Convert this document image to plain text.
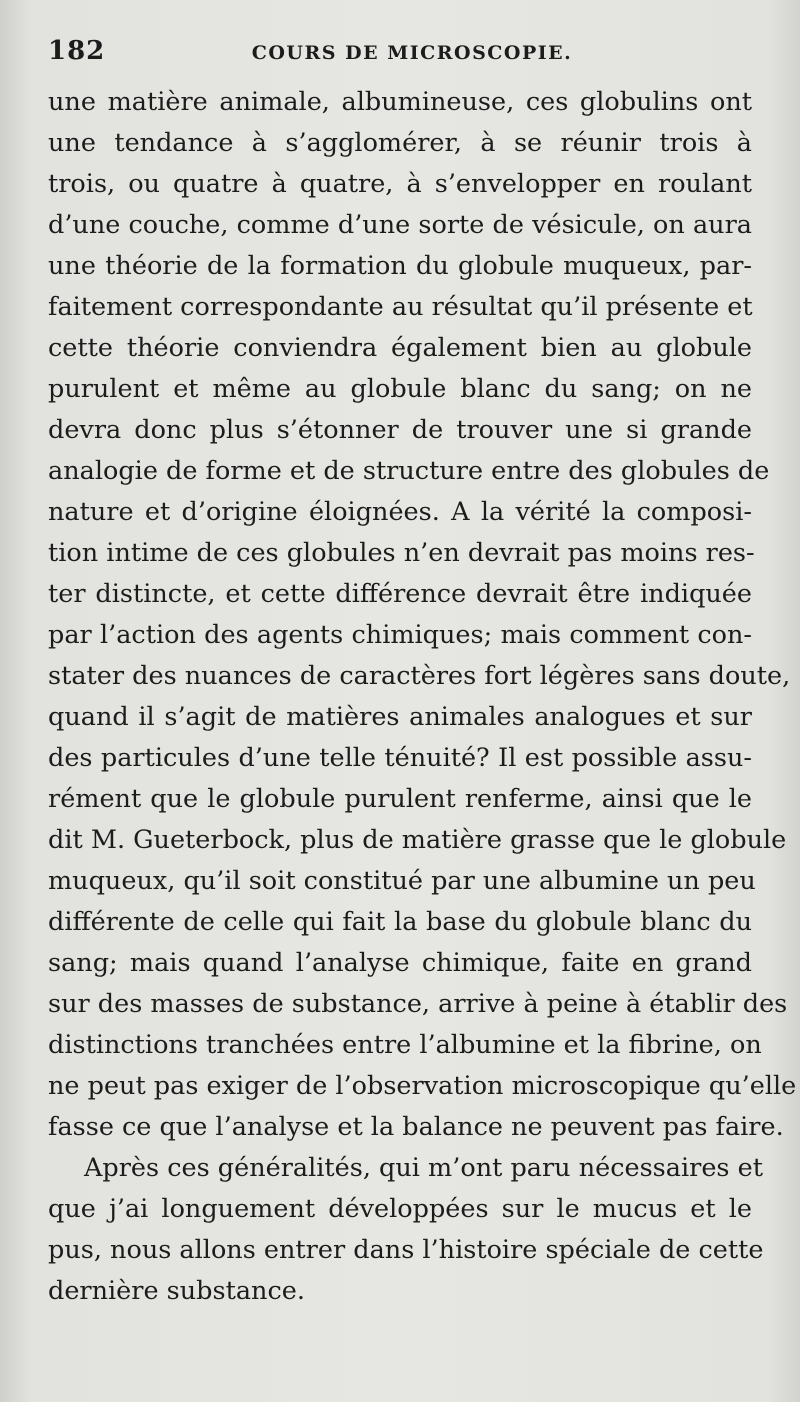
182	COURS DE MICROSCOPIE.
une matière animale, albumineuse, ces globulins ont
une tendance à s’agglomérer, à se réunir trois à
trois, ou quatre à quatre, à s’envelopper en roulant
d’une couche, comme d’une sorte de vésicule, on aura
une théorie de la formation du globule muqueux, par-
faitement correspondante au résultat qu’il présente et
cette théorie conviendra également bien au globule
purulent et même au globule blanc du sang; on ne
devra donc plus s’étonner de trouver une si grande
analogie de forme et de structure entre des globules de
nature et d’origine éloignées. A la vérité la composi-
tion intime de ces globules n’en devrait pas moins res-
ter distincte, et cette différence devrait être indiquée
par l’action des agents chimiques; mais comment con-
stater des nuances de caractères fort légères sans doute,
quand il s’agit de matières animales analogues et sur
des particules d’une telle ténuité? Il est possible assu-
rément que le globule purulent renferme, ainsi que le
dit M. Gueterbock, plus de matière grasse que le globule
muqueux, qu’il soit constitué par une albumine un peu
différente de celle qui fait la base du globule blanc du
sang; mais quand l’analyse chimique, faite en grand
sur des masses de substance, arrive à peine à établir des
distinctions tranchées entre l’albumine et la fibrine, on
ne peut pas exiger de l’observation microscopique qu’elle
fasse ce que l’analyse et la balance ne peuvent pas faire.
Après ces généralités, qui m’ont paru nécessaires et
que j’ai longuement développées sur le mucus et le
pus, nous allons entrer dans l’histoire spéciale de cette
dernière substance.
